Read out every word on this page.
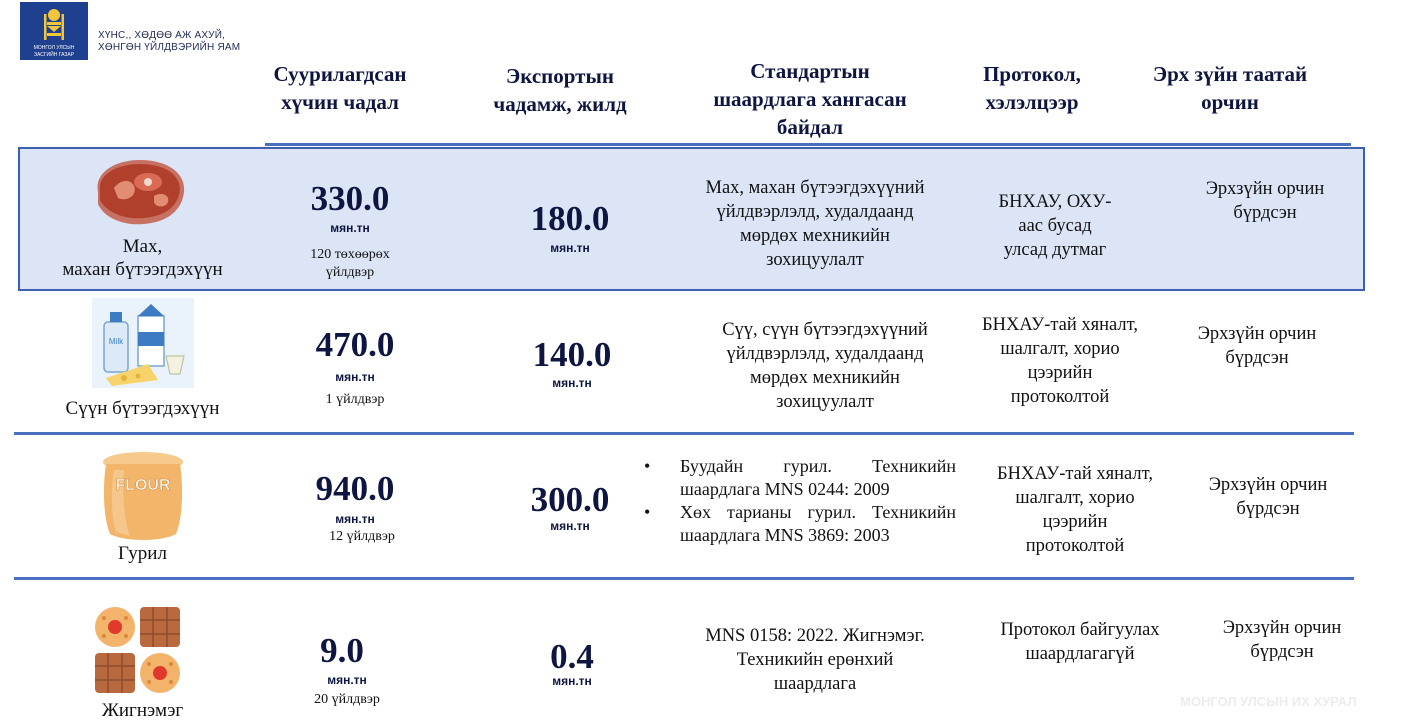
МОНГОЛ УЛСЫН
ЗАСГИЙН ГАЗАР
ХҮНС,, ХӨДӨӨ АЖ АХУЙ,
ХӨНГӨН ҮЙЛДВЭРИЙН ЯАМ
Суурилагдсан
хүчин чадал
Экспортын
чадамж, жилд
Стандартын
шаардлага хангасан
байдал
Протокол,
хэлэлцээр
Эрх зүйн таатай
орчин
Мах,
махан бүтээгдэхүүн
330.0
мян.тн
120 төхөөрөх
үйлдвэр
180.0
мян.тн
Мах, махан бүтээгдэхүүний
үйлдвэрлэлд, худалдаанд
мөрдөх мехникийн
зохицуулалт
БНХАУ, ОХУ-
аас бусад
улсад дутмаг
Эрхзүйн орчин
бүрдсэн
Milk
Сүүн бүтээгдэхүүн
470.0
мян.тн
1 үйлдвэр
140.0
мян.тн
Сүү, сүүн бүтээгдэхүүний
үйлдвэрлэлд, худалдаанд
мөрдөх мехникийн
зохицуулалт
БНХАУ-тай хяналт,
шалгалт, хорио
цээрийн
протоколтой
Эрхзүйн орчин
бүрдсэн
FLOUR
Гурил
940.0
мян.тн
12 үйлдвэр
300.0
мян.тн
•	Буудайн гурил. Техникийн шаардлага MNS 0244: 2009
•	Хөх тарианы гурил. Техникийн шаардлага MNS 3869: 2003
БНХАУ-тай хяналт,
шалгалт, хорио
цээрийн
протоколтой
Эрхзүйн орчин
бүрдсэн
Жигнэмэг
9.0
мян.тн
20 үйлдвэр
0.4
мян.тн
MNS 0158: 2022. Жигнэмэг.
Техникийн ерөнхий
шаардлага
Протокол байгуулах
шаардлагагүй
Эрхзүйн орчин
бүрдсэн
МОНГОЛ УЛСЫН ИХ ХУРАЛ
